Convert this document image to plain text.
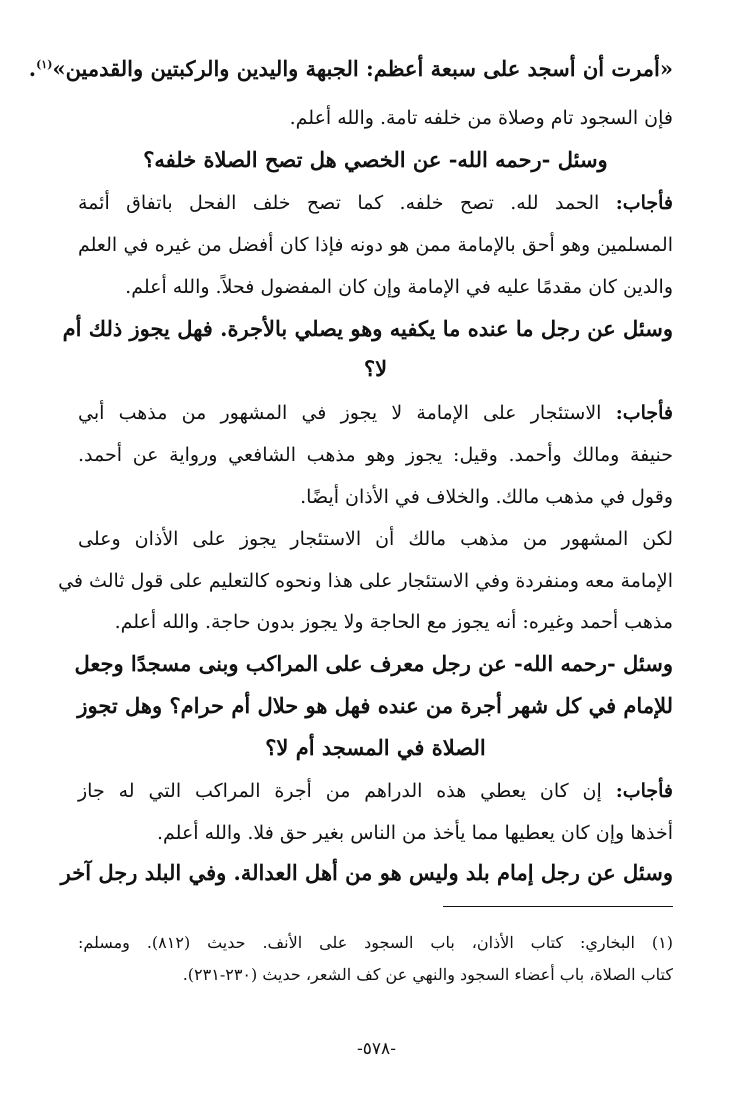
«أمرت أن أسجد على سبعة أعظم: الجبهة واليدين والركبتين والقدمين»$^{(١)}$.
فإن السجود تام وصلاة من خلفه تامة. والله أعلم.
وسئل -رحمه الله- عن الخصي هل تصح الصلاة خلفه؟
فأجاب: الحمد لله. تصح خلفه. كما تصح خلف الفحل باتفاق أئمة
المسلمين وهو أحق بالإمامة ممن هو دونه فإذا كان أفضل من غيره في العلم
والدين كان مقدمًا عليه في الإمامة وإن كان المفضول فحلاً. والله أعلم.
وسئل عن رجل ما عنده ما يكفيه وهو يصلي بالأجرة. فهل يجوز ذلك أم
لا؟
فأجاب: الاستئجار على الإمامة لا يجوز في المشهور من مذهب أبي
حنيفة ومالك وأحمد. وقيل: يجوز وهو مذهب الشافعي ورواية عن أحمد.
وقول في مذهب مالك. والخلاف في الأذان أيضًا.
لكن المشهور من مذهب مالك أن الاستئجار يجوز على الأذان وعلى
الإمامة معه ومنفردة وفي الاستئجار على هذا ونحوه كالتعليم على قول ثالث في
مذهب أحمد وغيره: أنه يجوز مع الحاجة ولا يجوز بدون حاجة. والله أعلم.
وسئل -رحمه الله- عن رجل معرف على المراكب وبنى مسجدًا وجعل
للإمام في كل شهر أجرة من عنده فهل هو حلال أم حرام؟ وهل تجوز
الصلاة في المسجد أم لا؟
فأجاب: إن كان يعطي هذه الدراهم من أجرة المراكب التي له جاز
أخذها وإن كان يعطيها مما يأخذ من الناس بغير حق فلا. والله أعلم.
وسئل عن رجل إمام بلد وليس هو من أهل العدالة. وفي البلد رجل آخر
(١) البخاري: كتاب الأذان، باب السجود على الأنف. حديث (٨١٢). ومسلم:
كتاب الصلاة، باب أعضاء السجود والنهي عن كف الشعر، حديث (٢٣٠-٢٣١).
-٥٧٨-
